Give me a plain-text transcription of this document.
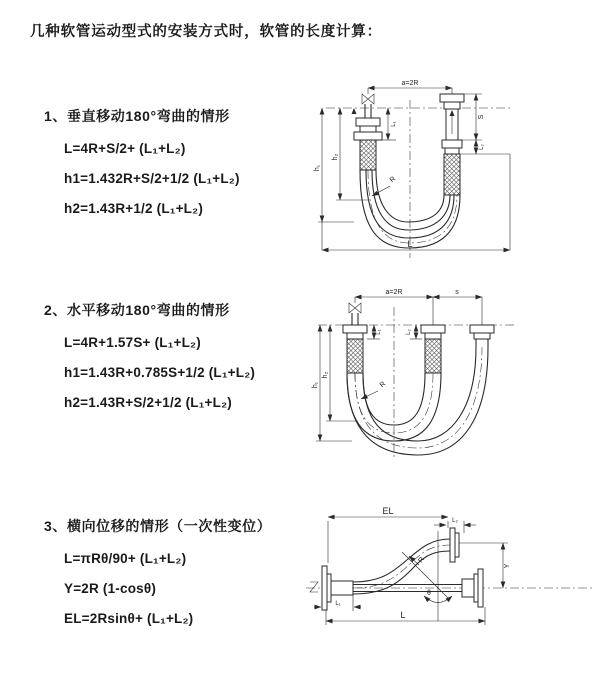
几种软管运动型式的安装方式时，软管的长度计算：
1、垂直移动180°弯曲的情形

L=4R+S/2+ (L₁+L₂)

h1=1.432R+S/2+1/2 (L₁+L₂)

h2=1.43R+1/2 (L₁+L₂)

a=2R
h₁
h₂
L₁
S
L₂
L
R
2、水平移动180°弯曲的情形

L=4R+1.57S+ (L₁+L₂)

h1=1.43R+0.785S+1/2 (L₁+L₂)

h2=1.43R+S/2+1/2 (L₁+L₂)

a=2R	s
h₁
h₂
L₁	L₂
R
3、横向位移的情形（一次性变位）

L=πRθ/90+ (L₁+L₂)

Y=2R (1-cosθ)

EL=2Rsinθ+ (L₁+L₂)

EL
L₂
Y
L
L₁
θ
R
